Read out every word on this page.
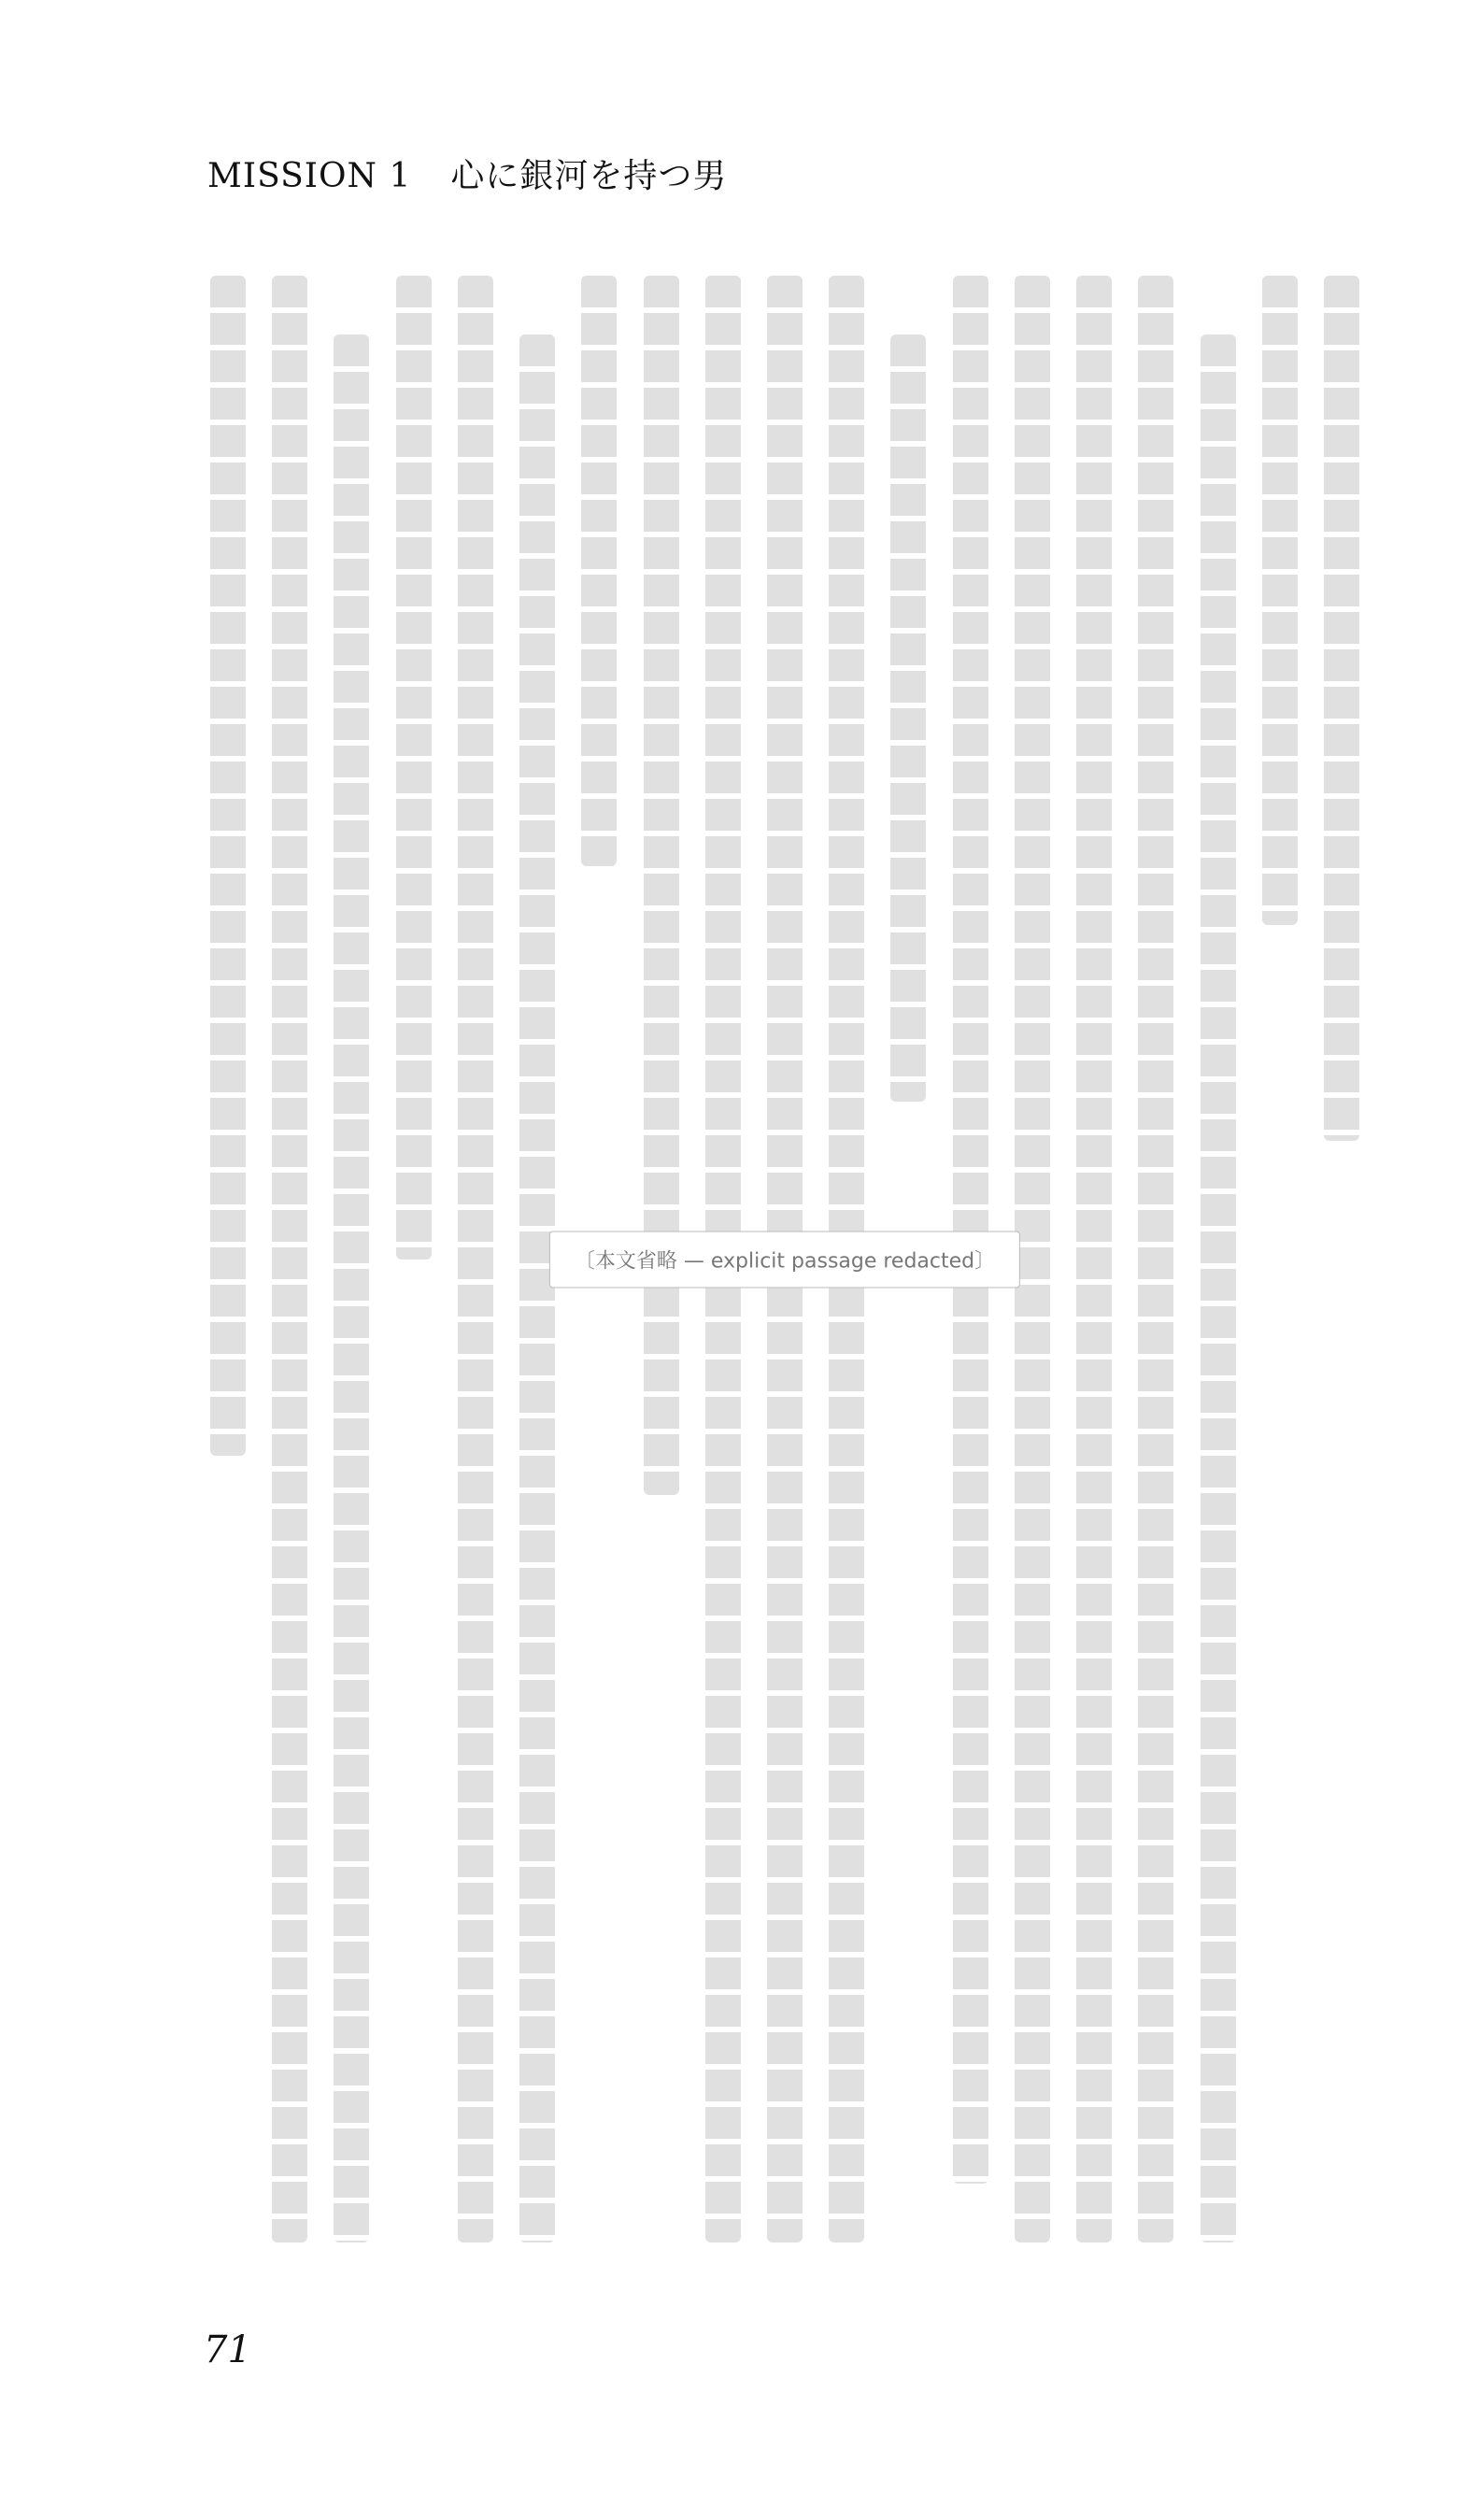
MISSION 1 心に銀河を持つ男
〔本文省略 — explicit passage redacted〕
71
